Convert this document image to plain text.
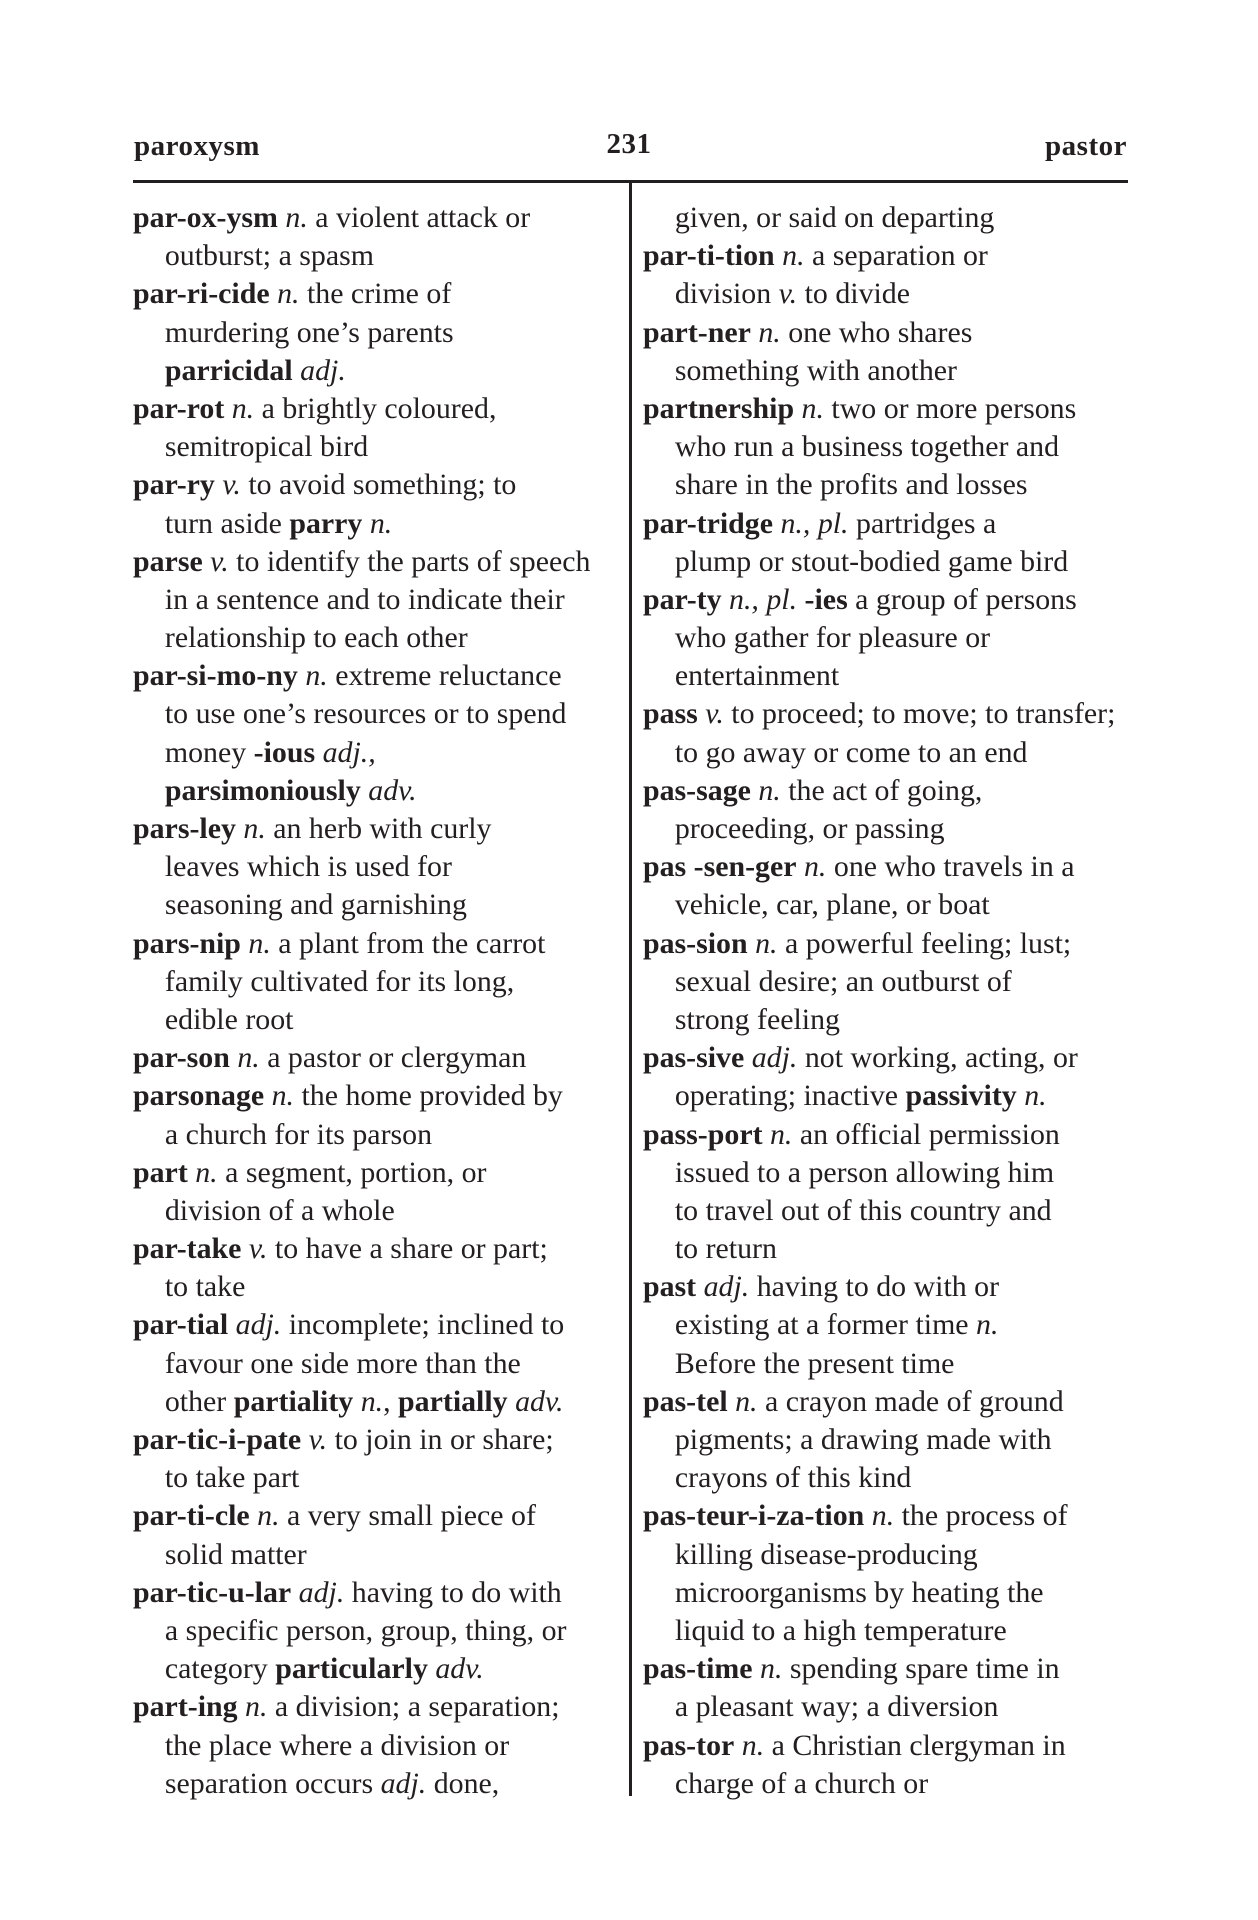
paroxysm	231	pastor
par-ox-ysm n. a violent attack or
outburst; a spasm
par-ri-cide n. the crime of
murdering one’s parents
parricidal adj.
par-rot n. a brightly coloured,
semitropical bird
par-ry v. to avoid something; to
turn aside parry n.
parse v. to identify the parts of speech
in a sentence and to indicate their
relationship to each other
par-si-mo-ny n. extreme reluctance
to use one’s resources or to spend
money -ious adj.,
parsimoniously adv.
pars-ley n. an herb with curly
leaves which is used for
seasoning and garnishing
pars-nip n. a plant from the carrot
family cultivated for its long,
edible root
par-son n. a pastor or clergyman
parsonage n. the home provided by
a church for its parson
part n. a segment, portion, or
division of a whole
par-take v. to have a share or part;
to take
par-tial adj. incomplete; inclined to
favour one side more than the
other partiality n., partially adv.
par-tic-i-pate v. to join in or share;
to take part
par-ti-cle n. a very small piece of
solid matter
par-tic-u-lar adj. having to do with
a specific person, group, thing, or
category particularly adv.
part-ing n. a division; a separation;
the place where a division or
separation occurs adj. done,
given, or said on departing
par-ti-tion n. a separation or
division v. to divide
part-ner n. one who shares
something with another
partnership n. two or more persons
who run a business together and
share in the profits and losses
par-tridge n., pl. partridges a
plump or stout-bodied game bird
par-ty n., pl. -ies a group of persons
who gather for pleasure or
entertainment
pass v. to proceed; to move; to transfer;
to go away or come to an end
pas-sage n. the act of going,
proceeding, or passing
pas -sen-ger n. one who travels in a
vehicle, car, plane, or boat
pas-sion n. a powerful feeling; lust;
sexual desire; an outburst of
strong feeling
pas-sive adj. not working, acting, or
operating; inactive passivity n.
pass-port n. an official permission
issued to a person allowing him
to travel out of this country and
to return
past adj. having to do with or
existing at a former time n.
Before the present time
pas-tel n. a crayon made of ground
pigments; a drawing made with
crayons of this kind
pas-teur-i-za-tion n. the process of
killing disease-producing
microorganisms by heating the
liquid to a high temperature
pas-time n. spending spare time in
a pleasant way; a diversion
pas-tor n. a Christian clergyman in
charge of a church or
